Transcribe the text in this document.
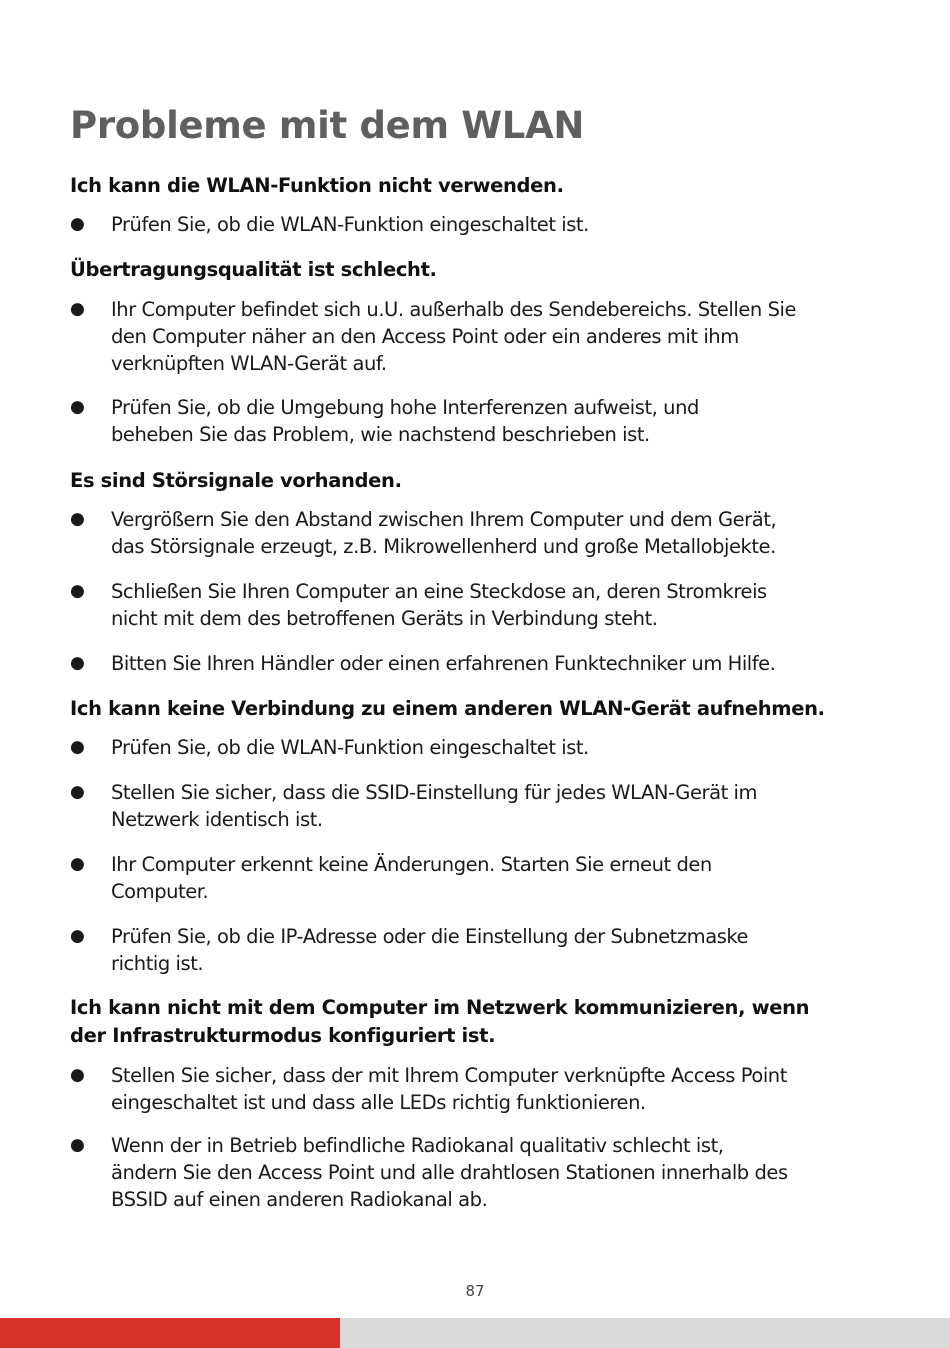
Probleme mit dem WLAN
Ich kann die WLAN-Funktion nicht verwenden.
● Prüfen Sie, ob die WLAN-Funktion eingeschaltet ist.
Übertragungsqualität ist schlecht.
● Ihr Computer befindet sich u.U. außerhalb des Sendebereichs. Stellen Sie
den Computer näher an den Access Point oder ein anderes mit ihm
verknüpften WLAN-Gerät auf.
● Prüfen Sie, ob die Umgebung hohe Interferenzen aufweist, und
beheben Sie das Problem, wie nachstend beschrieben ist.
Es sind Störsignale vorhanden.
● Vergrößern Sie den Abstand zwischen Ihrem Computer und dem Gerät,
das Störsignale erzeugt, z.B. Mikrowellenherd und große Metallobjekte.
● Schließen Sie Ihren Computer an eine Steckdose an, deren Stromkreis
nicht mit dem des betroffenen Geräts in Verbindung steht.
● Bitten Sie Ihren Händler oder einen erfahrenen Funktechniker um Hilfe.
Ich kann keine Verbindung zu einem anderen WLAN-Gerät aufnehmen.
● Prüfen Sie, ob die WLAN-Funktion eingeschaltet ist.
● Stellen Sie sicher, dass die SSID-Einstellung für jedes WLAN-Gerät im
Netzwerk identisch ist.
● Ihr Computer erkennt keine Änderungen. Starten Sie erneut den
Computer.
● Prüfen Sie, ob die IP-Adresse oder die Einstellung der Subnetzmaske
richtig ist.
Ich kann nicht mit dem Computer im Netzwerk kommunizieren, wenn
der Infrastrukturmodus konfiguriert ist.
● Stellen Sie sicher, dass der mit Ihrem Computer verknüpfte Access Point
eingeschaltet ist und dass alle LEDs richtig funktionieren.
● Wenn der in Betrieb befindliche Radiokanal qualitativ schlecht ist,
ändern Sie den Access Point und alle drahtlosen Stationen innerhalb des
BSSID auf einen anderen Radiokanal ab.
87
